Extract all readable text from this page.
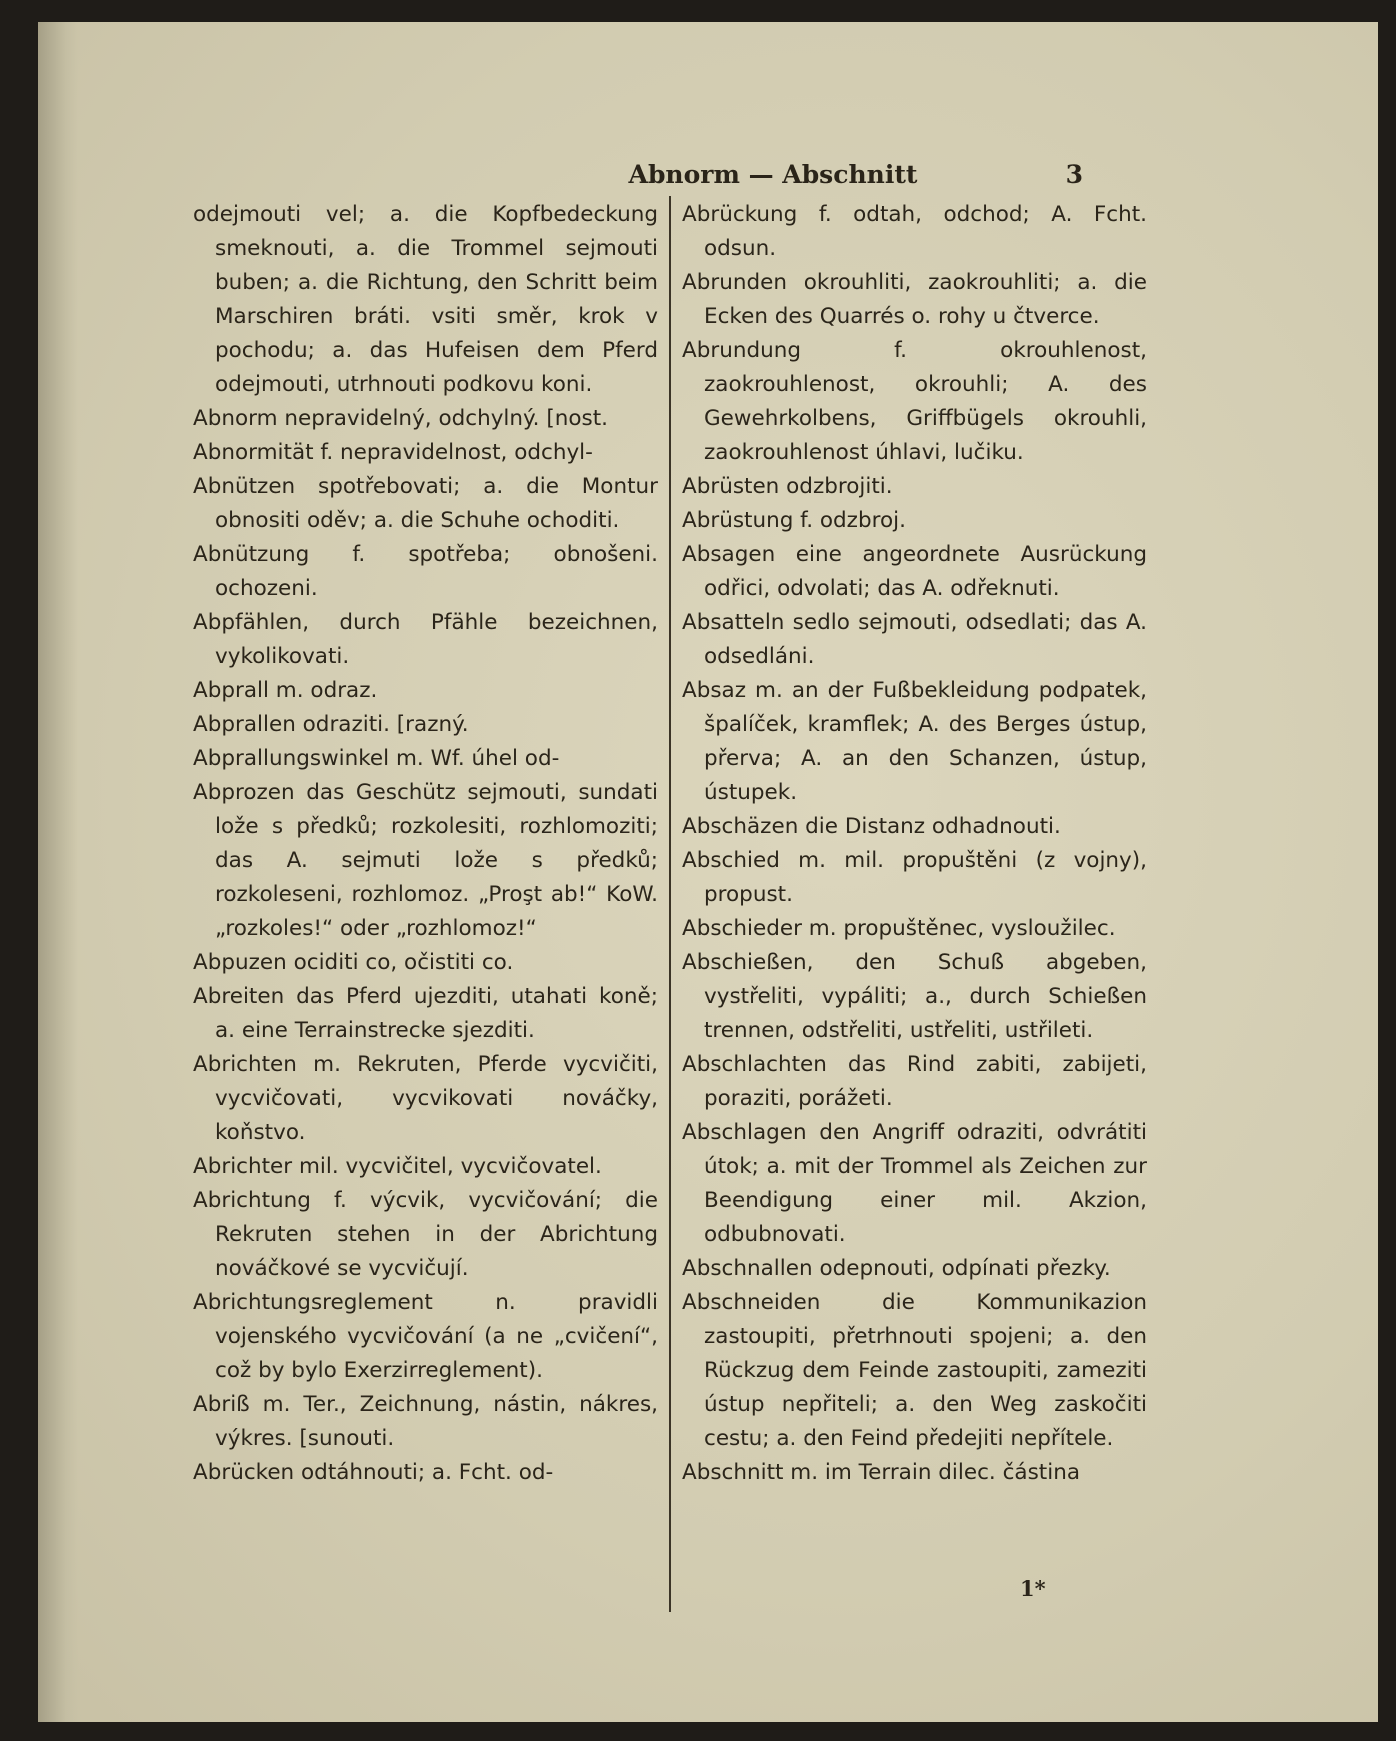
Abnorm — Abschnitt	3

odejmouti vel; a. die Kopfbedeckung smeknouti, a. die Trommel sejmouti buben; a. die Richtung, den Schritt beim Marschiren bráti. vsiti směr, krok v pochodu; a. das Hufeisen dem Pferd odejmouti, utrhnouti podkovu koni.

Abnorm nepravidelný, odchylný. [nost.

Abnormität f. nepravidelnost, odchyl-

Abnützen spotřebovati; a. die Montur obnositi oděv; a. die Schuhe ochoditi.

Abnützung f. spotřeba; obnošeni. ochozeni.

Abpfählen, durch Pfähle bezeichnen, vykolikovati.

Abprall m. odraz.

Abprallen odraziti. [razný.

Abprallungswinkel m. Wf. úhel od-

Abprozen das Geschütz sejmouti, sundati lože s předků; rozkolesiti, rozhlomoziti; das A. sejmuti lože s předků; rozkoleseni, rozhlomoz. „Proşt ab!“ KoW. „rozkoles!“ oder „rozhlomoz!“

Abpuzen ociditi co, očistiti co.

Abreiten das Pferd ujezditi, utahati koně; a. eine Terrainstrecke sjezditi.

Abrichten m. Rekruten, Pferde vycvičiti, vycvičovati, vycvikovati nováčky, koňstvo.

Abrichter mil. vycvičitel, vycvičovatel.

Abrichtung f. výcvik, vycvičování; die Rekruten stehen in der Abrichtung nováčkové se vycvičují.

Abrichtungsreglement n. pravidli vojenského vycvičování (a ne „cvičení“, což by bylo Exerzirreglement).

Abriß m. Ter., Zeichnung, nástin, nákres, výkres. [sunouti.

Abrücken odtáhnouti; a. Fcht. od-

Abrückung f. odtah, odchod; A. Fcht. odsun.

Abrunden okrouhliti, zaokrouhliti; a. die Ecken des Quarrés o. rohy u čtverce.

Abrundung f. okrouhlenost, zaokrouhlenost, okrouhli; A. des Gewehrkolbens, Griffbügels okrouhli, zaokrouhlenost úhlavi, lučiku.

Abrüsten odzbrojiti.

Abrüstung f. odzbroj.

Absagen eine angeordnete Ausrückung odřici, odvolati; das A. odřeknuti.

Absatteln sedlo sejmouti, odsedlati; das A. odsedláni.

Absaz m. an der Fußbekleidung podpatek, špalíček, kramflek; A. des Berges ústup, přerva; A. an den Schanzen, ústup, ústupek.

Abschäzen die Distanz odhadnouti.

Abschied m. mil. propuštěni (z vojny), propust.

Abschieder m. propuštěnec, vysloužilec.

Abschießen, den Schuß abgeben, vystřeliti, vypáliti; a., durch Schießen trennen, odstřeliti, ustřeliti, ustřileti.

Abschlachten das Rind zabiti, zabijeti, poraziti, porážeti.

Abschlagen den Angriff odraziti, odvrátiti útok; a. mit der Trommel als Zeichen zur Beendigung einer mil. Akzion, odbubnovati.

Abschnallen odepnouti, odpínati přezky.

Abschneiden die Kommunikazion zastoupiti, přetrhnouti spojeni; a. den Rückzug dem Feinde zastoupiti, zameziti ústup nepřiteli; a. den Weg zaskočiti cestu; a. den Feind předejiti nepřítele.

Abschnitt m. im Terrain dilec. částina

1*
